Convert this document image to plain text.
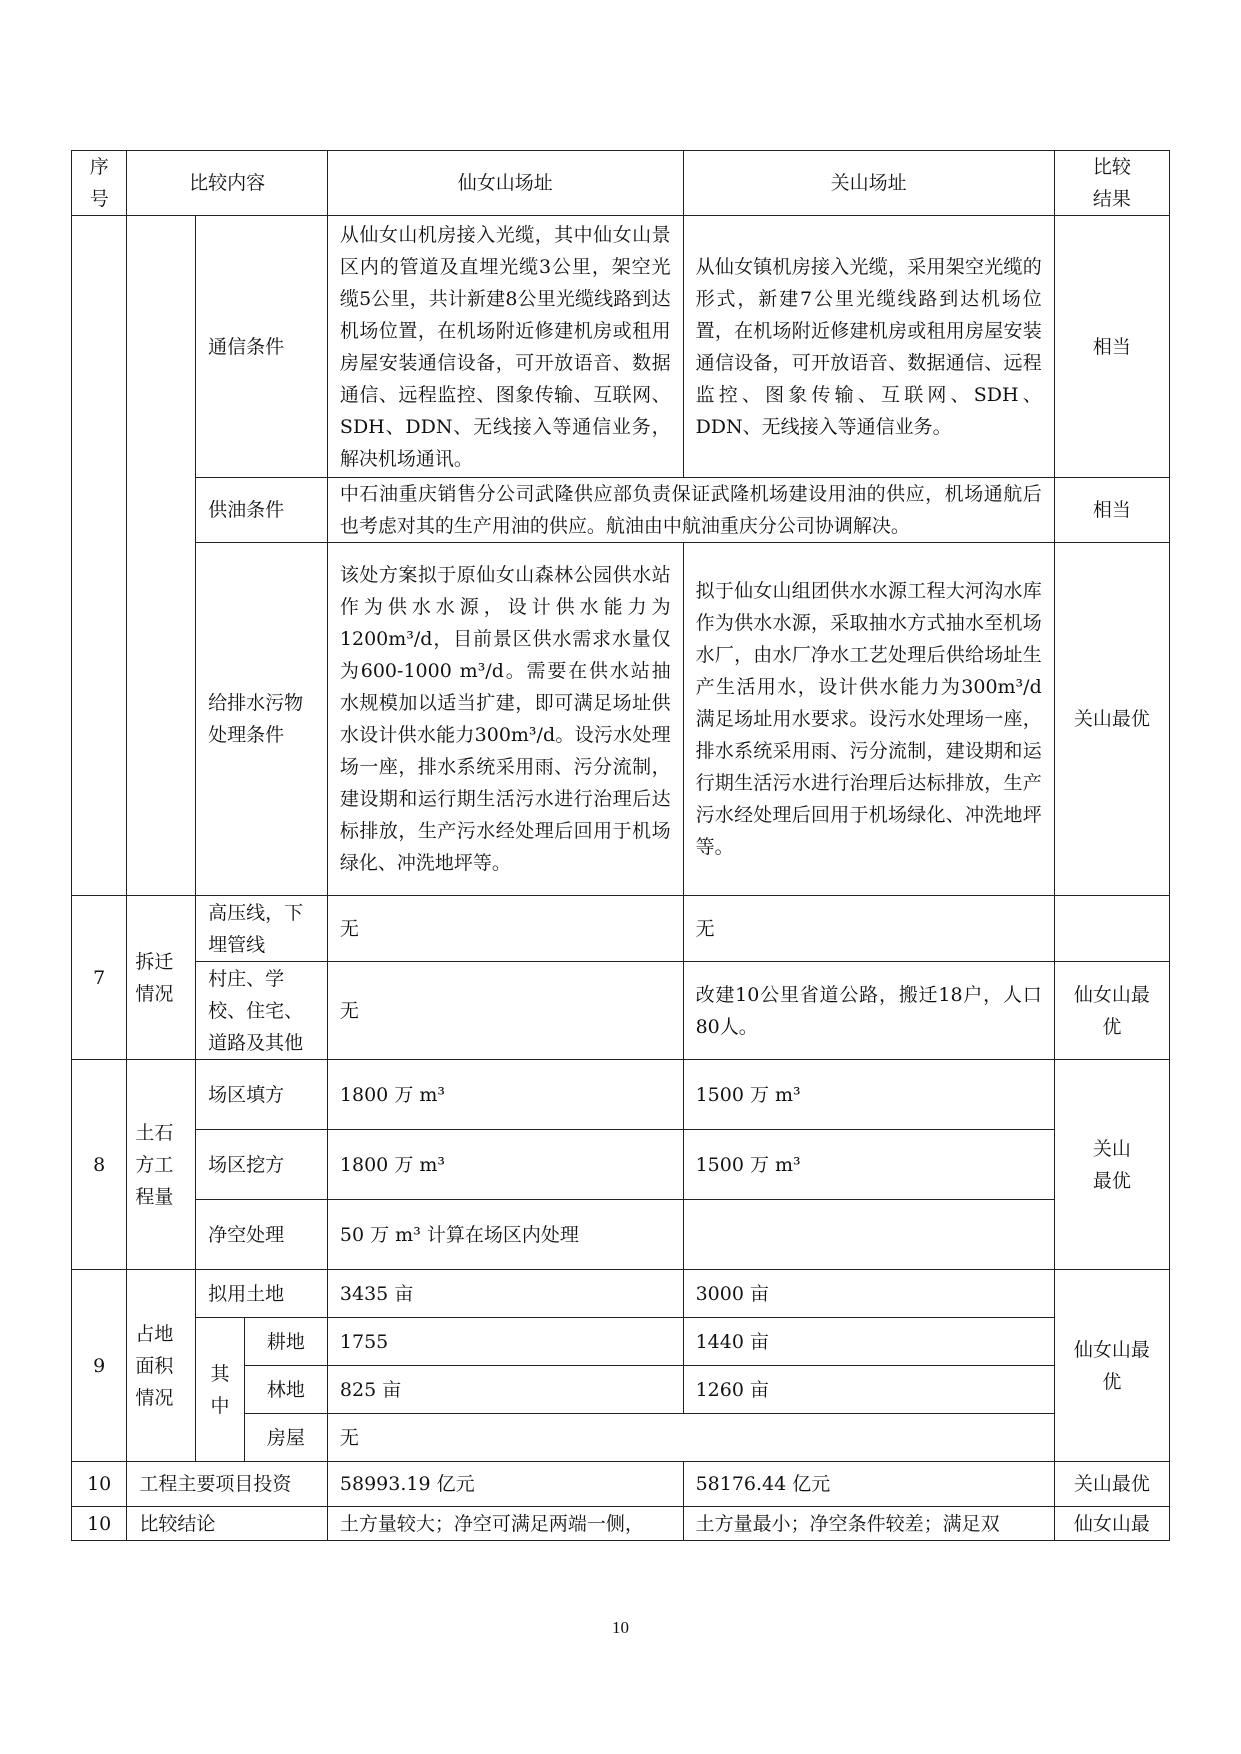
序
号	比较内容			仙女山场址	关山场址	比较
结果
		通信条件		从仙女山机房接入光缆，其中仙女山景区内的管道及直埋光缆3公里，架空光缆5公里，共计新建8公里光缆线路到达机场位置，在机场附近修建机房或租用房屋安装通信设备，可开放语音、数据通信、远程监控、图象传输、互联网、SDH、DDN、无线接入等通信业务，解决机场通讯。	从仙女镇机房接入光缆，采用架空光缆的形式，新建7公里光缆线路到达机场位置，在机场附近修建机房或租用房屋安装通信设备，可开放语音、数据通信、远程监控、图象传输、互联网、SDH、DDN、无线接入等通信业务。	相当
		供油条件		中石油重庆销售分公司武隆供应部负责保证武隆机场建设用油的供应，机场通航后也考虑对其的生产用油的供应。航油由中航油重庆分公司协调解决。		相当
		给排水污物处理条件		该处方案拟于原仙女山森林公园供水站作为供水水源，设计供水能力为1200m³/d，目前景区供水需求水量仅为600-1000 m³/d。需要在供水站抽水规模加以适当扩建，即可满足场址供水设计供水能力300m³/d。设污水处理场一座，排水系统采用雨、污分流制，建设期和运行期生活污水进行治理后达标排放，生产污水经处理后回用于机场绿化、冲洗地坪等。	拟于仙女山组团供水水源工程大河沟水库作为供水水源，采取抽水方式抽水至机场水厂，由水厂净水工艺处理后供给场址生产生活用水，设计供水能力为300m³/d满足场址用水要求。设污水处理场一座，排水系统采用雨、污分流制，建设期和运行期生活污水进行治理后达标排放，生产污水经处理后回用于机场绿化、冲洗地坪等。	关山最优
7	拆迁情况	高压线，下埋管线		无	无	
		村庄、学校、住宅、道路及其他		无	改建10公里省道公路，搬迁18户，人口80人。	仙女山最优
8	土石方工程量	场区填方		1800 万 m³	1500 万 m³	关山
最优
		场区挖方		1800 万 m³	1500 万 m³	
		净空处理		50 万 m³ 计算在场区内处理		
9	占地面积情况	拟用土地		3435 亩	3000 亩	仙女山最优
		其中	耕地	1755	1440 亩	
			林地	825 亩	1260 亩	
			房屋	无		
10	工程主要项目投资			58993.19 亿元	58176.44 亿元	关山最优
10	比较结论			土方量较大；净空可满足两端一侧，	土方量最小；净空条件较差；满足双	仙女山最
10
